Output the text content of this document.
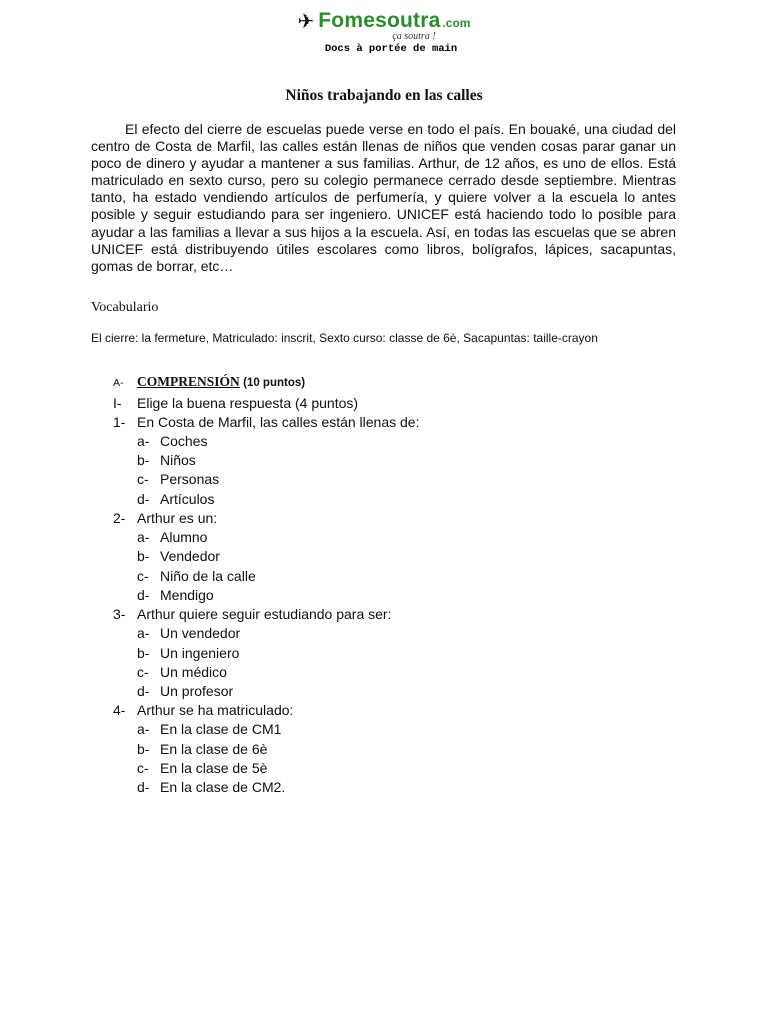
✈ Fomesoutra .com
ça soutra !
Docs à portée de main
Niños trabajando en las calles
El efecto del cierre de escuelas puede verse en todo el país. En bouaké, una ciudad del centro de Costa de Marfil, las calles están llenas de niños que venden cosas parar ganar un poco de dinero y ayudar a mantener a sus familias. Arthur, de 12 años, es uno de ellos. Está matriculado en sexto curso, pero su colegio permanece cerrado desde septiembre. Mientras tanto, ha estado vendiendo artículos de perfumería, y quiere volver a la escuela lo antes posible y seguir estudiando para ser ingeniero. UNICEF está haciendo todo lo posible para ayudar a las familias a llevar a sus hijos a la escuela. Así, en todas las escuelas que se abren UNICEF está distribuyendo útiles escolares como libros, bolígrafos, lápices, sacapuntas, gomas de borrar, etc…
Vocabulario
El cierre: la fermeture, Matriculado: inscrit, Sexto curso: classe de 6è, Sacapuntas: taille-crayon
A- COMPRENSIÓN (10 puntos)
I- Elige la buena respuesta (4 puntos)
1- En Costa de Marfil, las calles están llenas de:
a- Coches
b- Niños
c- Personas
d- Artículos
2- Arthur es un:
a- Alumno
b- Vendedor
c- Niño de la calle
d- Mendigo
3- Arthur quiere seguir estudiando para ser:
a- Un vendedor
b- Un ingeniero
c- Un médico
d- Un profesor
4- Arthur se ha matriculado:
a- En la clase de CM1
b- En la clase de 6è
c- En la clase de 5è
d- En la clase de CM2.
